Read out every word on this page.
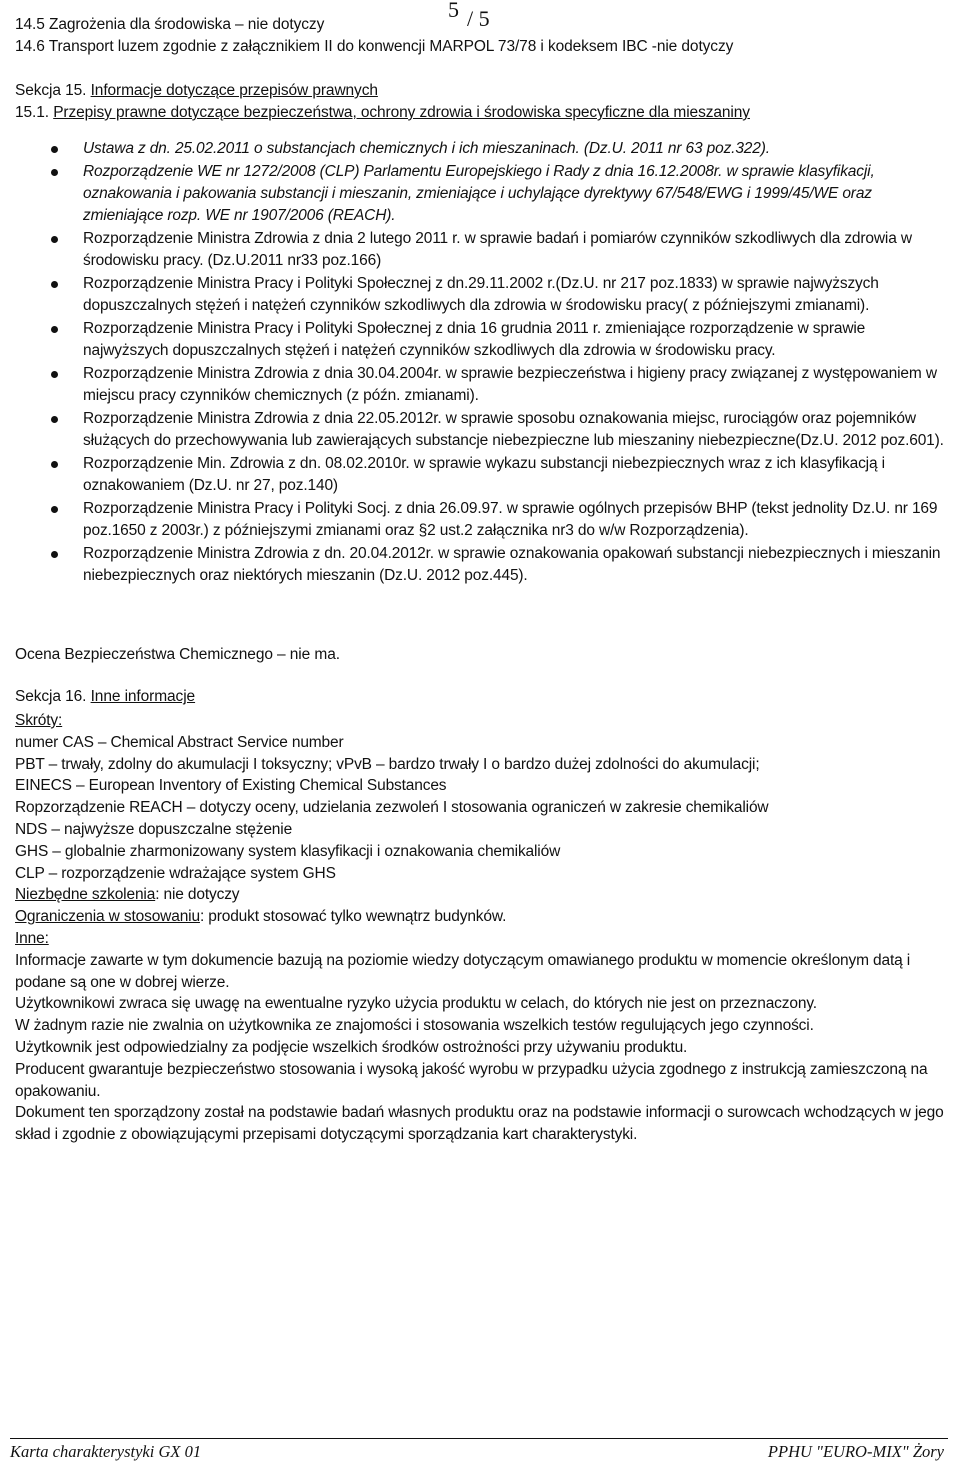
5 / 5
14.5 Zagrożenia dla środowiska – nie dotyczy
14.6 Transport luzem zgodnie z załącznikiem II do konwencji MARPOL 73/78 i kodeksem IBC -nie dotyczy
Sekcja 15. Informacje dotyczące przepisów prawnych
15.1. Przepisy prawne dotyczące bezpieczeństwa, ochrony zdrowia i środowiska specyficzne dla mieszaniny
Ustawa z dn. 25.02.2011 o substancjach chemicznych i ich mieszaninach. (Dz.U. 2011 nr 63 poz.322).
Rozporządzenie WE nr 1272/2008 (CLP) Parlamentu Europejskiego i Rady z dnia 16.12.2008r. w sprawie klasyfikacji, oznakowania i pakowania substancji i mieszanin, zmieniające i uchylające dyrektywy 67/548/EWG i 1999/45/WE oraz zmieniające rozp. WE nr 1907/2006 (REACH).
Rozporządzenie Ministra Zdrowia z dnia 2 lutego 2011 r. w sprawie badań i pomiarów czynników szkodliwych dla zdrowia w środowisku pracy. (Dz.U.2011 nr33 poz.166)
Rozporządzenie Ministra Pracy i Polityki Społecznej z dn.29.11.2002 r.(Dz.U. nr 217 poz.1833) w sprawie najwyższych dopuszczalnych stężeń i natężeń czynników szkodliwych dla zdrowia w środowisku pracy( z późniejszymi zmianami).
Rozporządzenie Ministra Pracy i Polityki Społecznej z dnia 16 grudnia 2011 r. zmieniające rozporządzenie w sprawie najwyższych dopuszczalnych stężeń i natężeń czynników szkodliwych dla zdrowia w środowisku pracy.
Rozporządzenie Ministra Zdrowia z dnia 30.04.2004r. w sprawie bezpieczeństwa i higieny pracy związanej z występowaniem w miejscu pracy czynników chemicznych (z późn. zmianami).
Rozporządzenie Ministra Zdrowia z dnia 22.05.2012r. w sprawie sposobu oznakowania miejsc, rurociągów oraz pojemników służących do przechowywania lub zawierających substancje niebezpieczne lub mieszaniny niebezpieczne(Dz.U. 2012 poz.601).
Rozporządzenie Min. Zdrowia z dn. 08.02.2010r. w sprawie wykazu substancji niebezpiecznych wraz z ich klasyfikacją i oznakowaniem (Dz.U. nr 27, poz.140)
Rozporządzenie Ministra Pracy i Polityki Socj. z dnia 26.09.97. w sprawie ogólnych przepisów BHP (tekst jednolity Dz.U. nr 169 poz.1650 z 2003r.) z późniejszymi zmianami oraz §2 ust.2 załącznika nr3 do w/w Rozporządzenia).
Rozporządzenie Ministra Zdrowia z dn. 20.04.2012r. w sprawie oznakowania opakowań substancji niebezpiecznych i mieszanin niebezpiecznych oraz niektórych mieszanin (Dz.U. 2012 poz.445).
Ocena Bezpieczeństwa Chemicznego – nie ma.
Sekcja 16. Inne informacje
Skróty:
numer CAS – Chemical Abstract Service number
PBT – trwały, zdolny do akumulacji I toksyczny; vPvB – bardzo trwały I o bardzo dużej zdolności do akumulacji;
EINECS – European Inventory of Existing Chemical Substances
Ropzorządzenie REACH – dotyczy oceny, udzielania zezwoleń I stosowania ograniczeń w zakresie chemikaliów
NDS – najwyższe dopuszczalne stężenie
GHS – globalnie zharmonizowany system klasyfikacji i oznakowania chemikaliów
CLP – rozporządzenie wdrażające system GHS
Niezbędne szkolenia: nie dotyczy
Ograniczenia w stosowaniu: produkt stosować tylko wewnątrz budynków.
Inne:
Informacje zawarte w tym dokumencie bazują na poziomie wiedzy dotyczącym omawianego produktu w momencie określonym datą i podane są one w dobrej wierze.
Użytkownikowi zwraca się uwagę na ewentualne ryzyko użycia produktu w celach, do których nie jest on przeznaczony.
W żadnym razie nie zwalnia on użytkownika ze znajomości i stosowania wszelkich testów regulujących jego czynności.
Użytkownik jest odpowiedzialny za podjęcie wszelkich środków ostrożności przy używaniu produktu.
Producent gwarantuje bezpieczeństwo stosowania i wysoką jakość wyrobu w przypadku użycia zgodnego z instrukcją zamieszczoną na opakowaniu.
Dokument ten sporządzony został na podstawie badań własnych produktu oraz na podstawie informacji o surowcach wchodzących w jego skład i zgodnie z obowiązującymi przepisami dotyczącymi sporządzania kart charakterystyki.
Karta charakterystyki GX 01	PPHU "EURO-MIX" Żory
